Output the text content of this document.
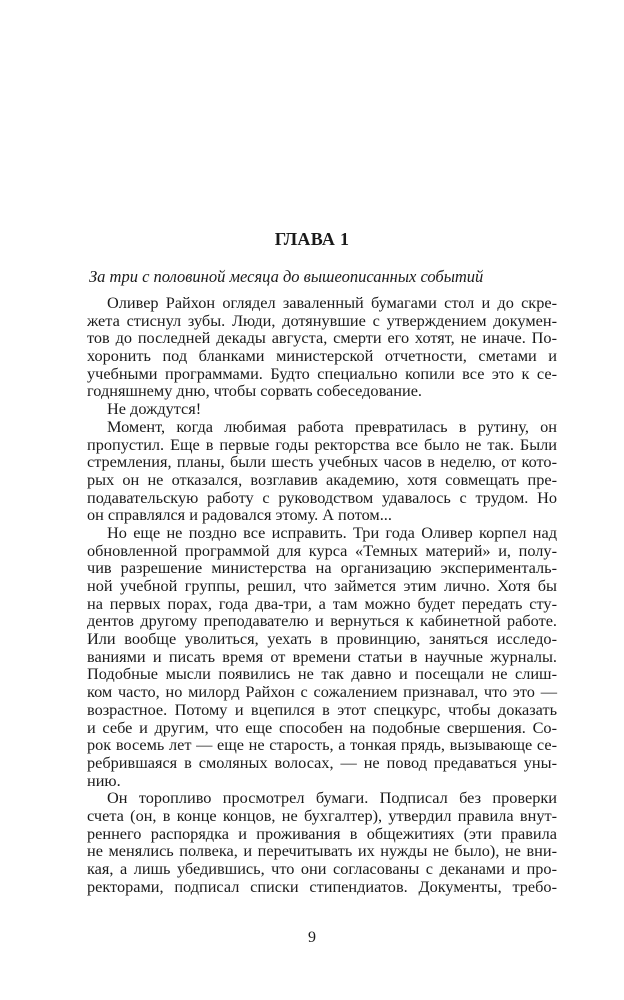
ГЛАВА 1
За три с половиной месяца до вышеописанных событий
Оливер Райхон оглядел заваленный бумагами стол и до скре-
жета стиснул зубы. Люди, дотянувшие с утверждением докумен-
тов до последней декады августа, смерти его хотят, не иначе. По-
хоронить под бланками министерской отчетности, сметами и
учебными программами. Будто специально копили все это к се-
годняшнему дню, чтобы сорвать собеседование.
Не дождутся!
Момент, когда любимая работа превратилась в рутину, он
пропустил. Еще в первые годы ректорства все было не так. Были
стремления, планы, были шесть учебных часов в неделю, от кото-
рых он не отказался, возглавив академию, хотя совмещать пре-
подавательскую работу с руководством удавалось с трудом. Но
он справлялся и радовался этому. А потом...
Но еще не поздно все исправить. Три года Оливер корпел над
обновленной программой для курса «Темных материй» и, полу-
чив разрешение министерства на организацию эксперименталь-
ной учебной группы, решил, что займется этим лично. Хотя бы
на первых порах, года два-три, а там можно будет передать сту-
дентов другому преподавателю и вернуться к кабинетной работе.
Или вообще уволиться, уехать в провинцию, заняться исследо-
ваниями и писать время от времени статьи в научные журналы.
Подобные мысли появились не так давно и посещали не слиш-
ком часто, но милорд Райхон с сожалением признавал, что это —
возрастное. Потому и вцепился в этот спецкурс, чтобы доказать
и себе и другим, что еще способен на подобные свершения. Со-
рок восемь лет — еще не старость, а тонкая прядь, вызывающе се-
ребрившаяся в смоляных волосах, — не повод предаваться уны-
нию.
Он торопливо просмотрел бумаги. Подписал без проверки
счета (он, в конце концов, не бухгалтер), утвердил правила внут-
реннего распорядка и проживания в общежитиях (эти правила
не менялись полвека, и перечитывать их нужды не было), не вни-
кая, а лишь убедившись, что они согласованы с деканами и про-
ректорами, подписал списки стипендиатов. Документы, требо-
9
